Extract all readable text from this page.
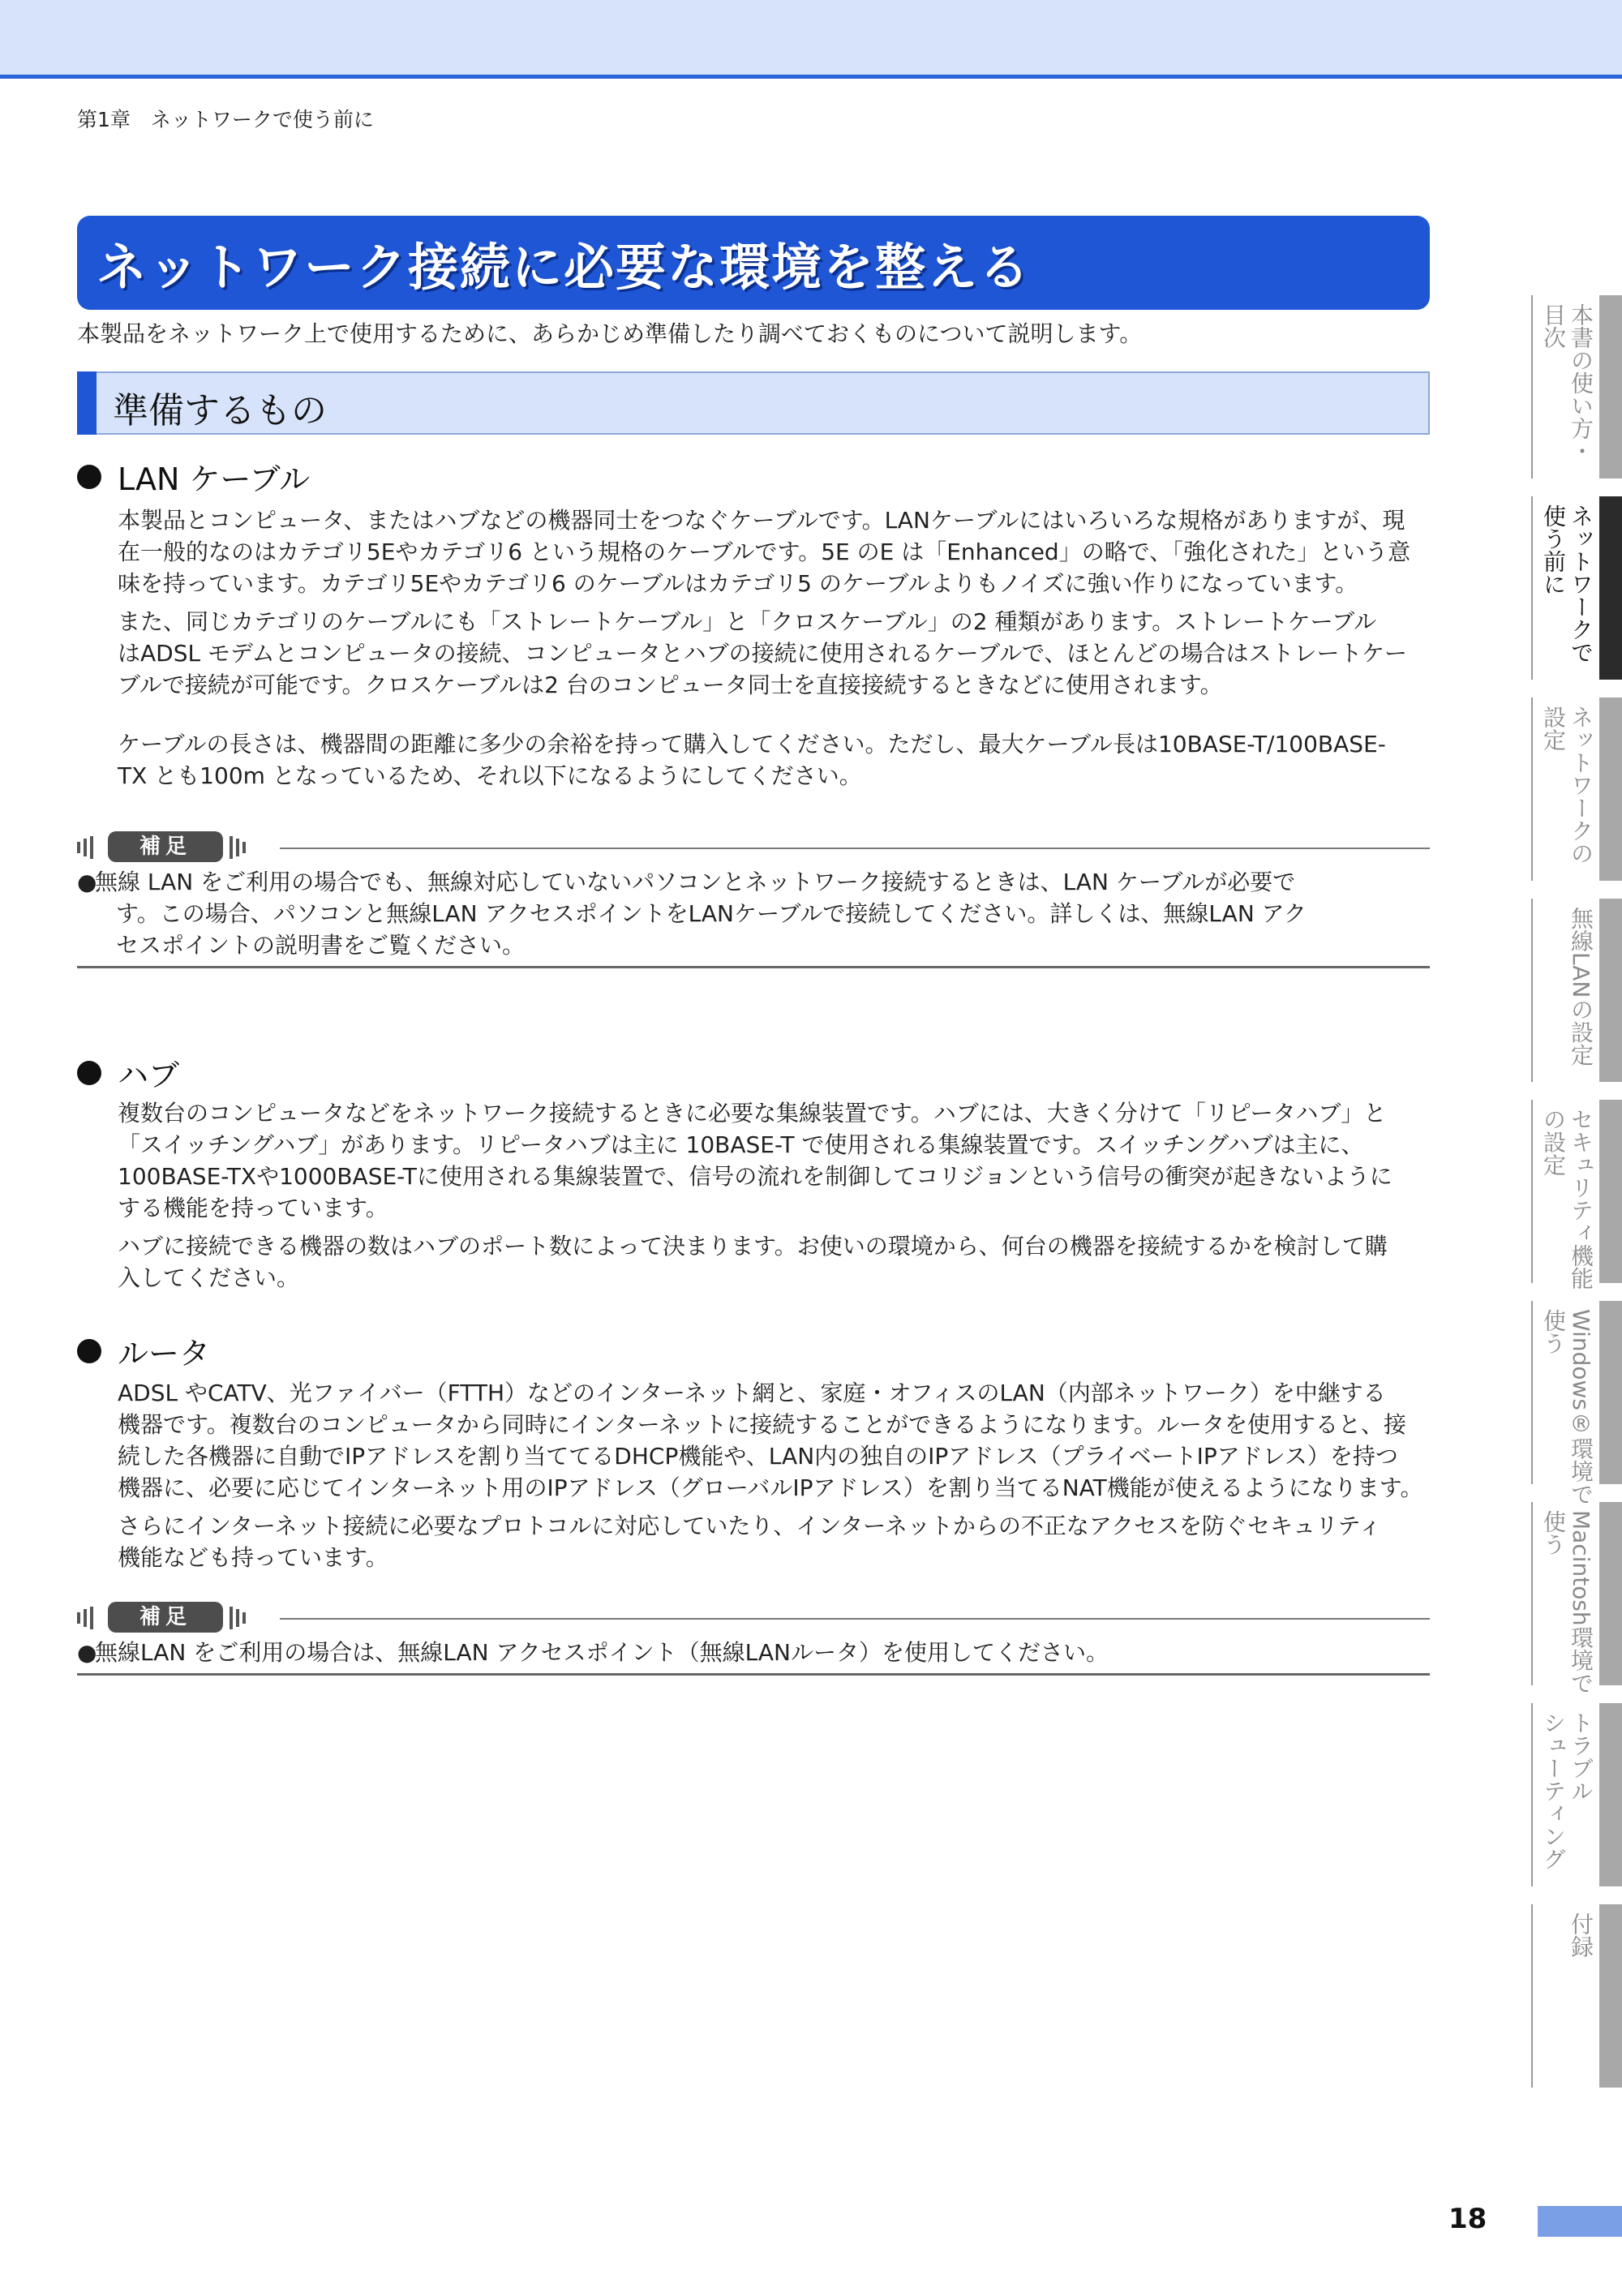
第1章　ネットワークで使う前に
ネットワーク接続に必要な環境を整える
本製品をネットワーク上で使用するために、あらかじめ準備したり調べておくものについて説明します。
準備するもの
LAN ケーブル

本製品とコンピュータ、またはハブなどの機器同士をつなぐケーブルです。LANケーブルにはいろいろな規格がありますが、現
在一般的なのはカテゴリ5Eやカテゴリ6 という規格のケーブルです。5E のE は「Enhanced」の略で、「強化された」という意
味を持っています。カテゴリ5Eやカテゴリ6 のケーブルはカテゴリ5 のケーブルよりもノイズに強い作りになっています。

また、同じカテゴリのケーブルにも「ストレートケーブル」と「クロスケーブル」の2 種類があります。ストレートケーブル
はADSL モデムとコンピュータの接続、コンピュータとハブの接続に使用されるケーブルで、ほとんどの場合はストレートケー
ブルで接続が可能です。クロスケーブルは2 台のコンピュータ同士を直接接続するときなどに使用されます。

ケーブルの長さは、機器間の距離に多少の余裕を持って購入してください。ただし、最大ケーブル長は10BASE-T/100BASE-
TX とも100m となっているため、それ以下になるようにしてください。
補足
●無線 LAN をご利用の場合でも、無線対応していないパソコンとネットワーク接続するときは、LAN ケーブルが必要で
す。この場合、パソコンと無線LAN アクセスポイントをLANケーブルで接続してください。詳しくは、無線LAN アク
セスポイントの説明書をご覧ください。
ハブ

複数台のコンピュータなどをネットワーク接続するときに必要な集線装置です。ハブには、大きく分けて「リピータハブ」と
「スイッチングハブ」があります。リピータハブは主に 10BASE-T で使用される集線装置です。スイッチングハブは主に、
100BASE-TXや1000BASE-Tに使用される集線装置で、信号の流れを制御してコリジョンという信号の衝突が起きないように
する機能を持っています。

ハブに接続できる機器の数はハブのポート数によって決まります。お使いの環境から、何台の機器を接続するかを検討して購
入してください。

ルータ

ADSL やCATV、光ファイバー（FTTH）などのインターネット網と、家庭・オフィスのLAN（内部ネットワーク）を中継する
機器です。複数台のコンピュータから同時にインターネットに接続することができるようになります。ルータを使用すると、接
続した各機器に自動でIPアドレスを割り当ててるDHCP機能や、LAN内の独自のIPアドレス（プライベートIPアドレス）を持つ
機器に、必要に応じてインターネット用のIPアドレス（グローバルIPアドレス）を割り当てるNAT機能が使えるようになります。

さらにインターネット接続に必要なプロトコルに対応していたり、インターネットからの不正なアクセスを防ぐセキュリティ
機能なども持っています。

補足
●無線LAN をご利用の場合は、無線LAN アクセスポイント（無線LANルータ）を使用してください。
本書の使い方・
目次
ネットワークで
使う前に
ネットワークの
設定
無線LANの設定
セキュリティ機能
の設定
Windows®環境で
使う
Macintosh環境で
使う
トラブル
シューティング
付録
18
